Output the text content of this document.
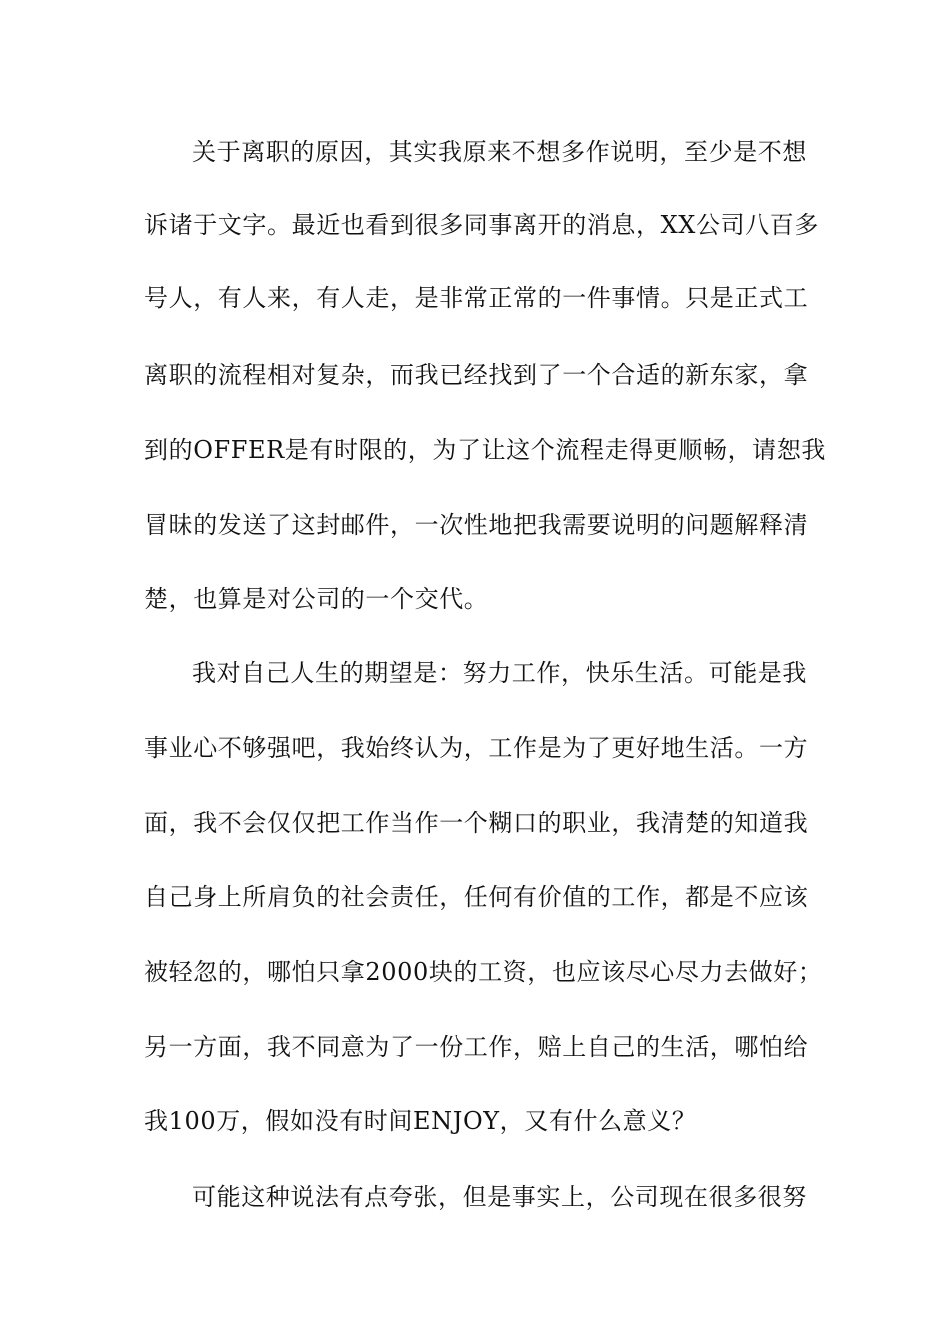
关于离职的原因，其实我原来不想多作说明，至少是不想
诉诸于文字。最近也看到很多同事离开的消息，XX公司八百多
号人，有人来，有人走，是非常正常的一件事情。只是正式工
离职的流程相对复杂，而我已经找到了一个合适的新东家，拿
到的OFFER是有时限的，为了让这个流程走得更顺畅，请恕我
冒昧的发送了这封邮件，一次性地把我需要说明的问题解释清
楚，也算是对公司的一个交代。
我对自己人生的期望是：努力工作，快乐生活。可能是我
事业心不够强吧，我始终认为，工作是为了更好地生活。一方
面，我不会仅仅把工作当作一个糊口的职业，我清楚的知道我
自己身上所肩负的社会责任，任何有价值的工作，都是不应该
被轻忽的，哪怕只拿2000块的工资，也应该尽心尽力去做好；
另一方面，我不同意为了一份工作，赔上自己的生活，哪怕给
我100万，假如没有时间ENJOY，又有什么意义？
可能这种说法有点夸张，但是事实上，公司现在很多很努
